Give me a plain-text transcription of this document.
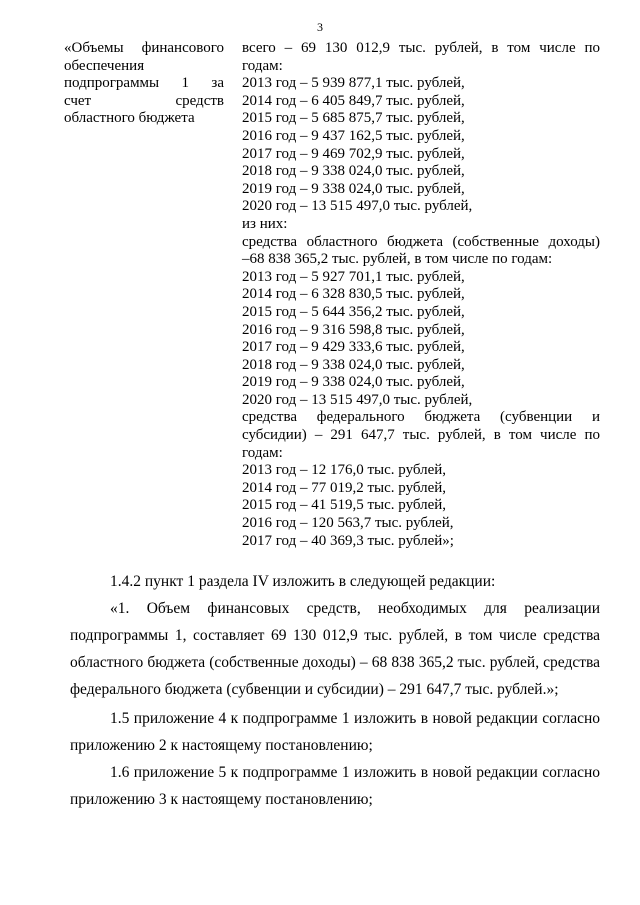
3
«Объемы финансового
обеспечения
подпрограммы 1 за
счет средств
областного бюджета
всего – 69 130 012,9 тыс. рублей, в том числе по
годам:
2013 год – 5 939 877,1 тыс. рублей,
2014 год – 6 405 849,7 тыс. рублей,
2015 год – 5 685 875,7 тыс. рублей,
2016 год – 9 437 162,5 тыс. рублей,
2017 год – 9 469 702,9 тыс. рублей,
2018 год – 9 338 024,0 тыс. рублей,
2019 год – 9 338 024,0 тыс. рублей,
2020 год – 13 515 497,0 тыс. рублей,
из них:
средства областного бюджета (собственные доходы)
–68 838 365,2 тыс. рублей, в том числе по годам:
2013 год – 5 927 701,1 тыс. рублей,
2014 год – 6 328 830,5 тыс. рублей,
2015 год – 5 644 356,2 тыс. рублей,
2016 год – 9 316 598,8 тыс. рублей,
2017 год – 9 429 333,6 тыс. рублей,
2018 год – 9 338 024,0 тыс. рублей,
2019 год – 9 338 024,0 тыс. рублей,
2020 год – 13 515 497,0 тыс. рублей,
средства федерального бюджета (субвенции и
субсидии) – 291 647,7 тыс. рублей, в том числе по
годам:
2013 год – 12 176,0 тыс. рублей,
2014 год – 77 019,2 тыс. рублей,
2015 год – 41 519,5 тыс. рублей,
2016 год – 120 563,7 тыс. рублей,
2017 год – 40 369,3 тыс. рублей»;
1.4.2 пункт 1 раздела IV изложить в следующей редакции:
«1. Объем финансовых средств, необходимых для реализации
подпрограммы 1, составляет 69 130 012,9 тыс. рублей, в том числе средства
областного бюджета (собственные доходы) – 68 838 365,2 тыс. рублей, средства
федерального бюджета (субвенции и субсидии) – 291 647,7 тыс. рублей.»;
1.5 приложение 4 к подпрограмме 1 изложить в новой редакции согласно
приложению 2 к настоящему постановлению;
1.6 приложение 5 к подпрограмме 1 изложить в новой редакции согласно
приложению 3 к настоящему постановлению;
